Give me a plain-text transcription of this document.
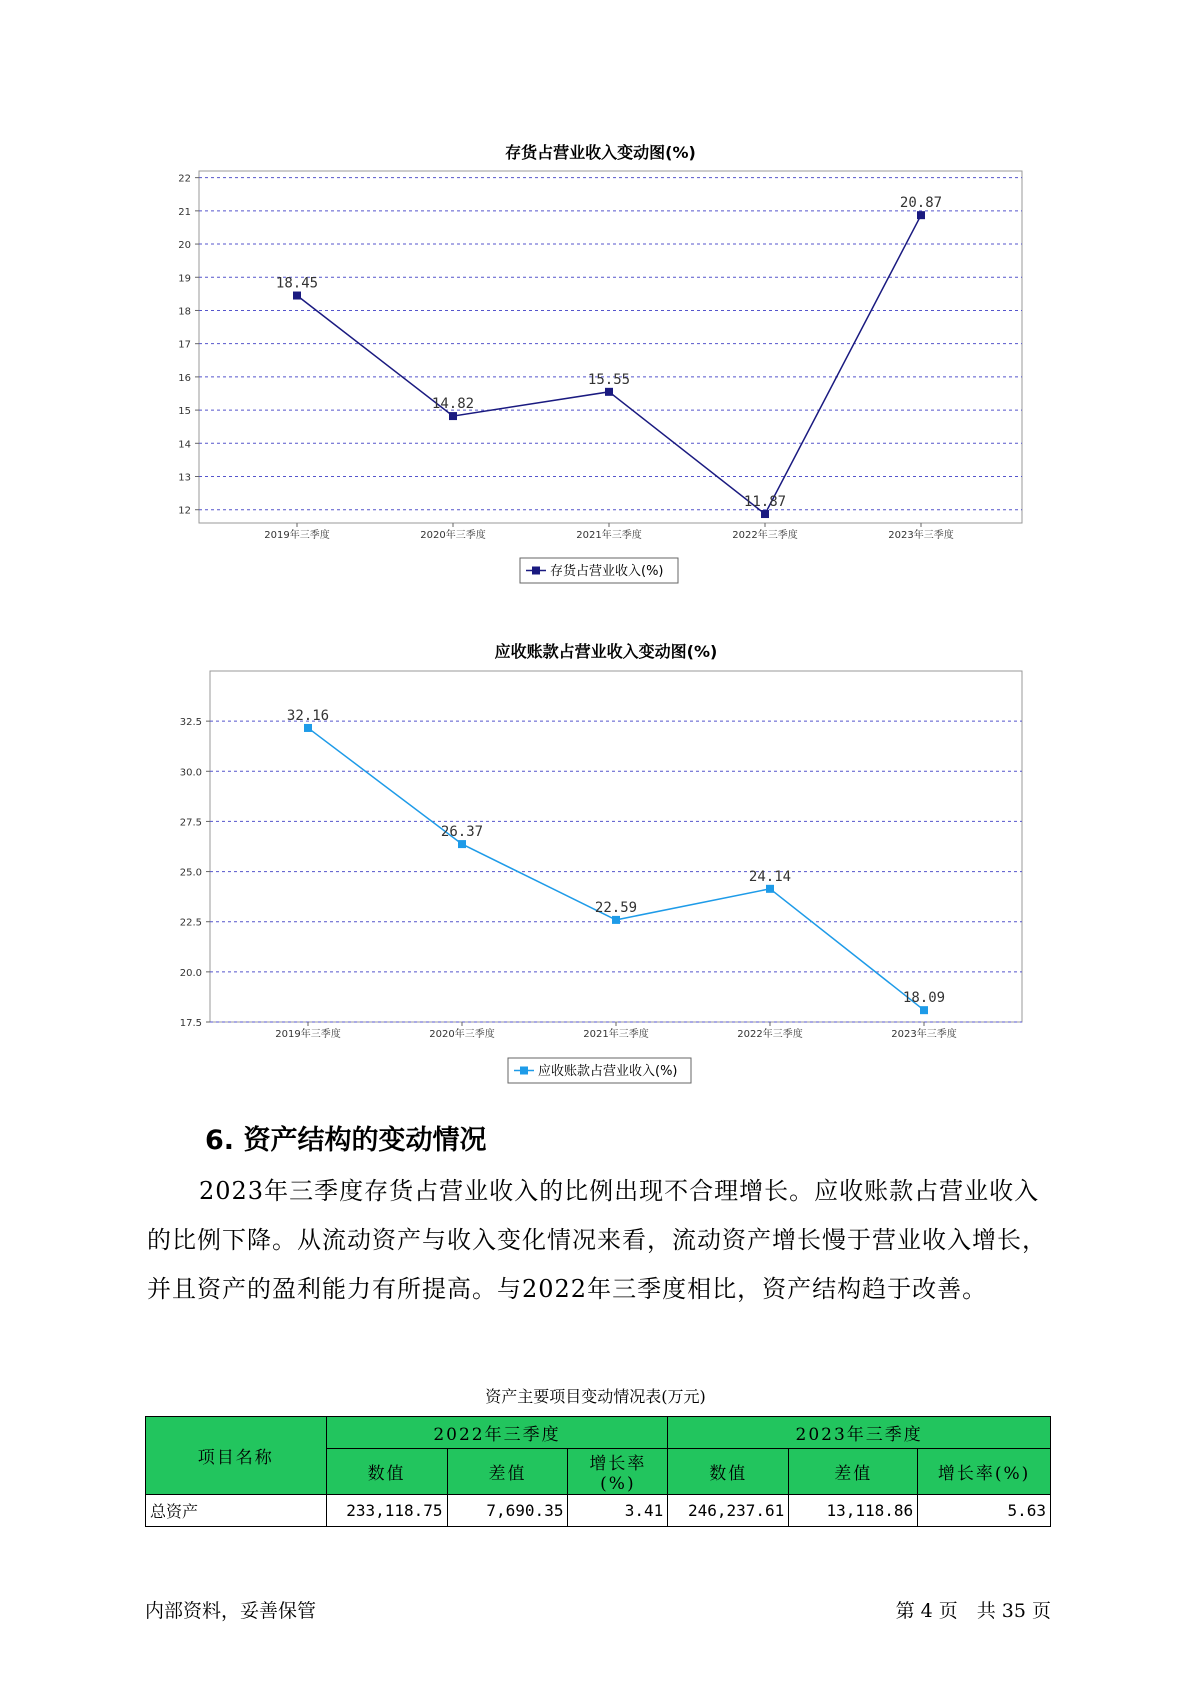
存货占营业收入变动图(%)
22
21
20
19
18
17
16
15
14
13
12
2019年三季度	2020年三季度	2021年三季度	2022年三季度	2023年三季度
18.45
14.82
15.55
11.87
20.87
存货占营业收入(%)
应收账款占营业收入变动图(%)
32.5
30.0
27.5
25.0
22.5
20.0
17.5
2019年三季度	2020年三季度	2021年三季度	2022年三季度	2023年三季度
32.16
26.37
22.59
24.14
18.09
应收账款占营业收入(%)
6. 资产结构的变动情况

2023年三季度存货占营业收入的比例出现不合理增长。应收账款占营业收入的比例下降。从流动资产与收入变化情况来看，流动资产增长慢于营业收入增长，并且资产的盈利能力有所提高。与2022年三季度相比，资产结构趋于改善。

资产主要项目变动情况表(万元)

项目名称	2022年三季度			2023年三季度		
	数值	差值	增长率(%)	数值	差值	增长率(%)
总资产	233,118.75	7,690.35	3.41	246,237.61	13,118.86	5.63

内部资料，妥善保管	第 4 页　共 35 页
